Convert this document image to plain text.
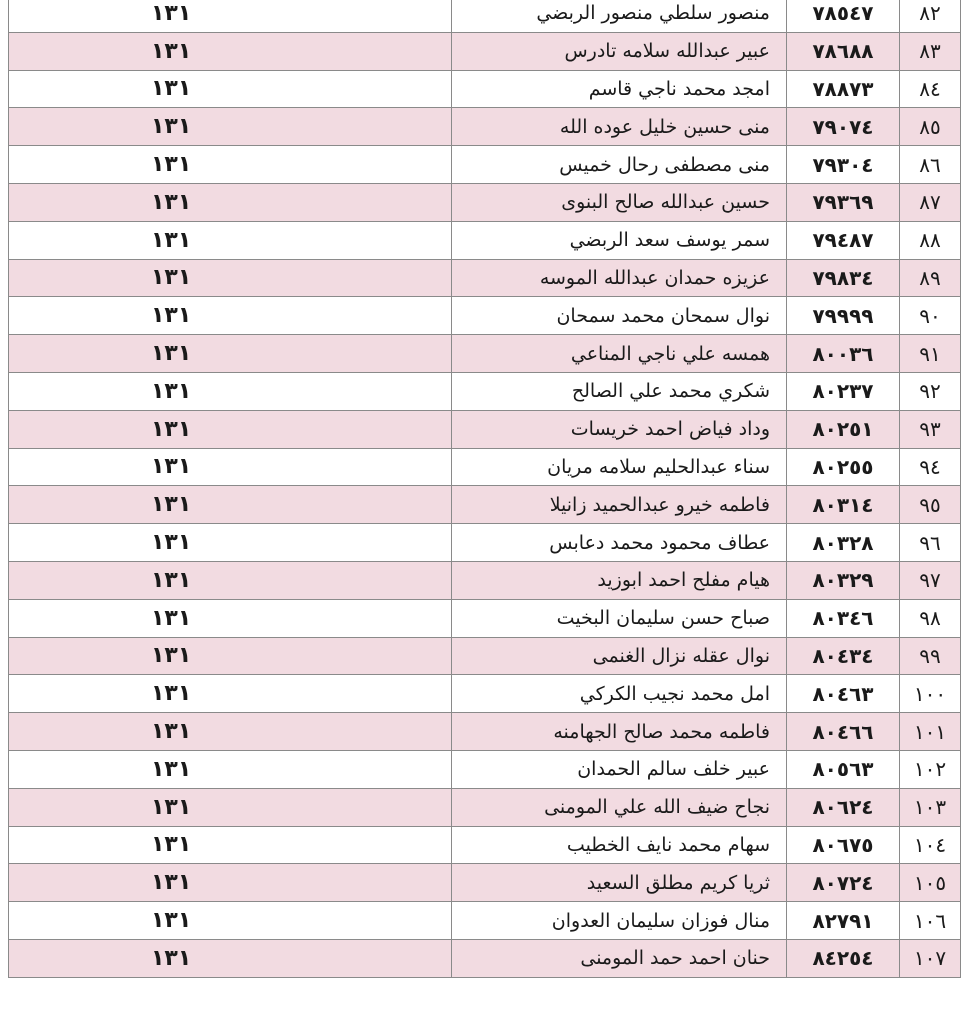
١٣١	منصور سلطي منصور الربضي	٧٨٥٤٧	٨٢
١٣١	عبير عبدالله سلامه تادرس	٧٨٦٨٨	٨٣
١٣١	امجد محمد ناجي قاسم	٧٨٨٧٣	٨٤
١٣١	منى حسين خليل عوده الله	٧٩٠٧٤	٨٥
١٣١	منى مصطفى رحال خميس	٧٩٣٠٤	٨٦
١٣١	حسين عبدالله صالح البنوى	٧٩٣٦٩	٨٧
١٣١	سمر يوسف سعد الربضي	٧٩٤٨٧	٨٨
١٣١	عزيزه حمدان عبدالله الموسه	٧٩٨٣٤	٨٩
١٣١	نوال سمحان محمد سمحان	٧٩٩٩٩	٩٠
١٣١	همسه علي ناجي المناعي	٨٠٠٣٦	٩١
١٣١	شكري محمد علي الصالح	٨٠٢٣٧	٩٢
١٣١	وداد فياض احمد خريسات	٨٠٢٥١	٩٣
١٣١	سناء عبدالحليم سلامه مريان	٨٠٢٥٥	٩٤
١٣١	فاطمه خيرو عبدالحميد زانيلا	٨٠٣١٤	٩٥
١٣١	عطاف محمود محمد دعابس	٨٠٣٢٨	٩٦
١٣١	هيام مفلح احمد ابوزيد	٨٠٣٢٩	٩٧
١٣١	صباح حسن سليمان البخيت	٨٠٣٤٦	٩٨
١٣١	نوال عقله نزال الغنمى	٨٠٤٣٤	٩٩
١٣١	امل محمد نجيب الكركي	٨٠٤٦٣	١٠٠
١٣١	فاطمه محمد صالح الجهامنه	٨٠٤٦٦	١٠١
١٣١	عبير خلف سالم الحمدان	٨٠٥٦٣	١٠٢
١٣١	نجاح ضيف الله علي المومنى	٨٠٦٢٤	١٠٣
١٣١	سهام محمد نايف الخطيب	٨٠٦٧٥	١٠٤
١٣١	ثريا كريم مطلق السعيد	٨٠٧٢٤	١٠٥
١٣١	منال فوزان سليمان العدوان	٨٢٧٩١	١٠٦
١٣١	حنان احمد حمد المومنى	٨٤٢٥٤	١٠٧
